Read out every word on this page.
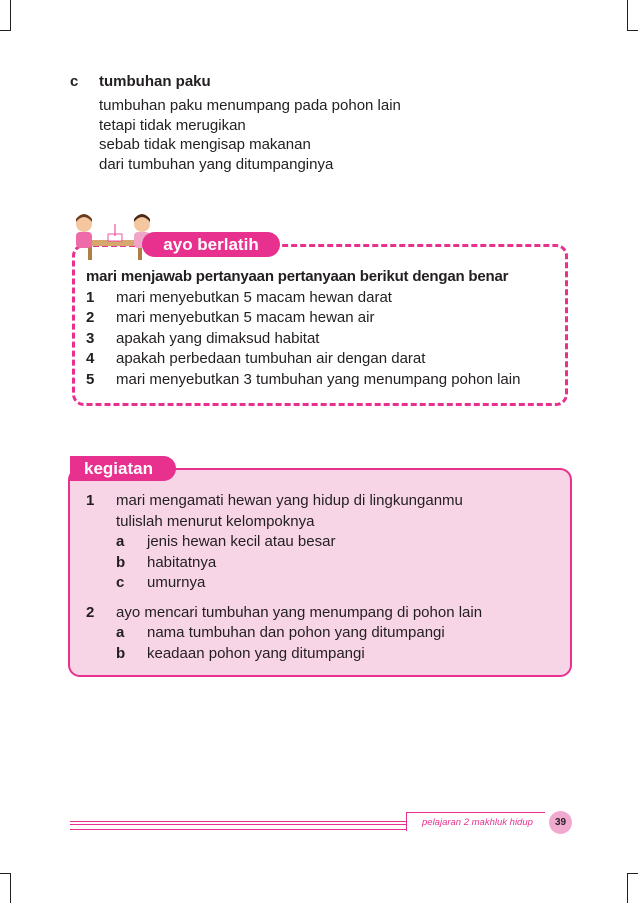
c tumbuhan paku
tumbuhan paku menumpang pada pohon lain
tetapi tidak merugikan
sebab tidak mengisap makanan
dari tumbuhan yang ditumpanginya
ayo berlatih
mari menjawab pertanyaan pertanyaan berikut dengan benar
1 mari menyebutkan 5 macam hewan darat
2 mari menyebutkan 5 macam hewan air
3 apakah yang dimaksud habitat
4 apakah perbedaan tumbuhan air dengan darat
5 mari menyebutkan 3 tumbuhan yang menumpang pohon lain
kegiatan
1 mari mengamati hewan yang hidup di lingkunganmu
tulislah menurut kelompoknya
a jenis hewan kecil atau besar
b habitatnya
c umurnya
2 ayo mencari tumbuhan yang menumpang di pohon lain
a nama tumbuhan dan pohon yang ditumpangi
b keadaan pohon yang ditumpangi
pelajaran 2 makhluk hidup	39
